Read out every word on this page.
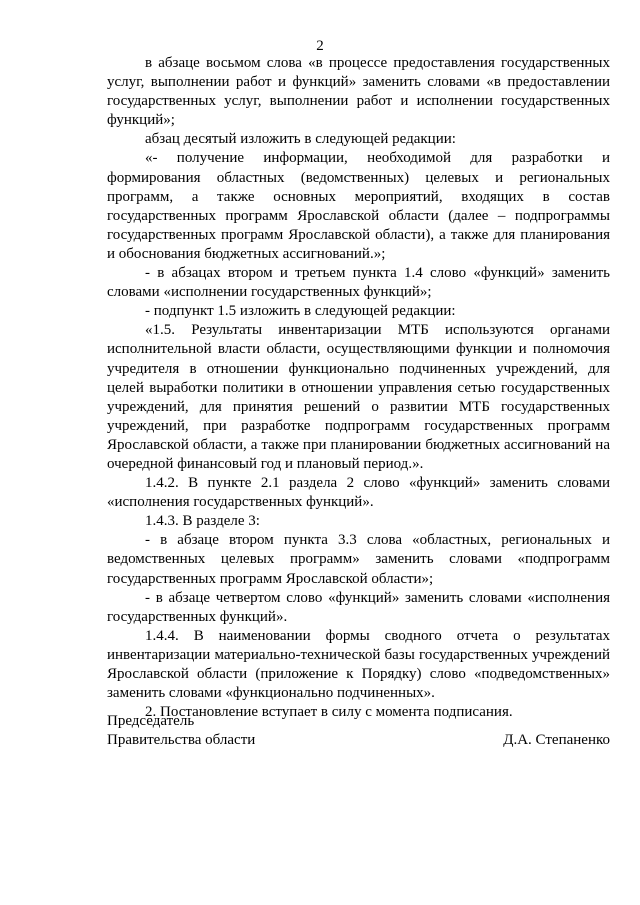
2

в абзаце восьмом слова «в процессе предоставления государственных услуг, выполнении работ и функций» заменить словами «в предоставлении государственных услуг, выполнении работ и исполнении государственных функций»;

абзац десятый изложить в следующей редакции:

«- получение информации, необходимой для разработки и формирования областных (ведомственных) целевых и региональных программ, а также основных мероприятий, входящих в состав государственных программ Ярославской области (далее – подпрограммы государственных программ Ярославской области), а также для планирования и обоснования бюджетных ассигнований.»;

- в абзацах втором и третьем пункта 1.4 слово «функций» заменить словами «исполнении государственных функций»;

- подпункт 1.5 изложить в следующей редакции:

«1.5. Результаты инвентаризации МТБ используются органами исполнительной власти области, осуществляющими функции и полномочия учредителя в отношении функционально подчиненных учреждений, для целей выработки политики в отношении управления сетью государственных учреждений, для принятия решений о развитии МТБ государственных учреждений, при разработке подпрограмм государственных программ Ярославской области, а также при планировании бюджетных ассигнований на очередной финансовый год и плановый период.».

1.4.2. В пункте 2.1 раздела 2 слово «функций» заменить словами «исполнения государственных функций».

1.4.3. В разделе 3:

- в абзаце втором пункта 3.3 слова «областных, региональных и ведомственных целевых программ» заменить словами «подпрограмм государственных программ Ярославской области»;

- в абзаце четвертом слово «функций» заменить словами «исполнения государственных функций».

1.4.4. В наименовании формы сводного отчета о результатах инвентаризации материально-технической базы государственных учреждений Ярославской области (приложение к Порядку) слово «подведомственных» заменить словами «функционально подчиненных».

2. Постановление вступает в силу с момента подписания.

Председатель
Правительства области	Д.А. Степаненко
